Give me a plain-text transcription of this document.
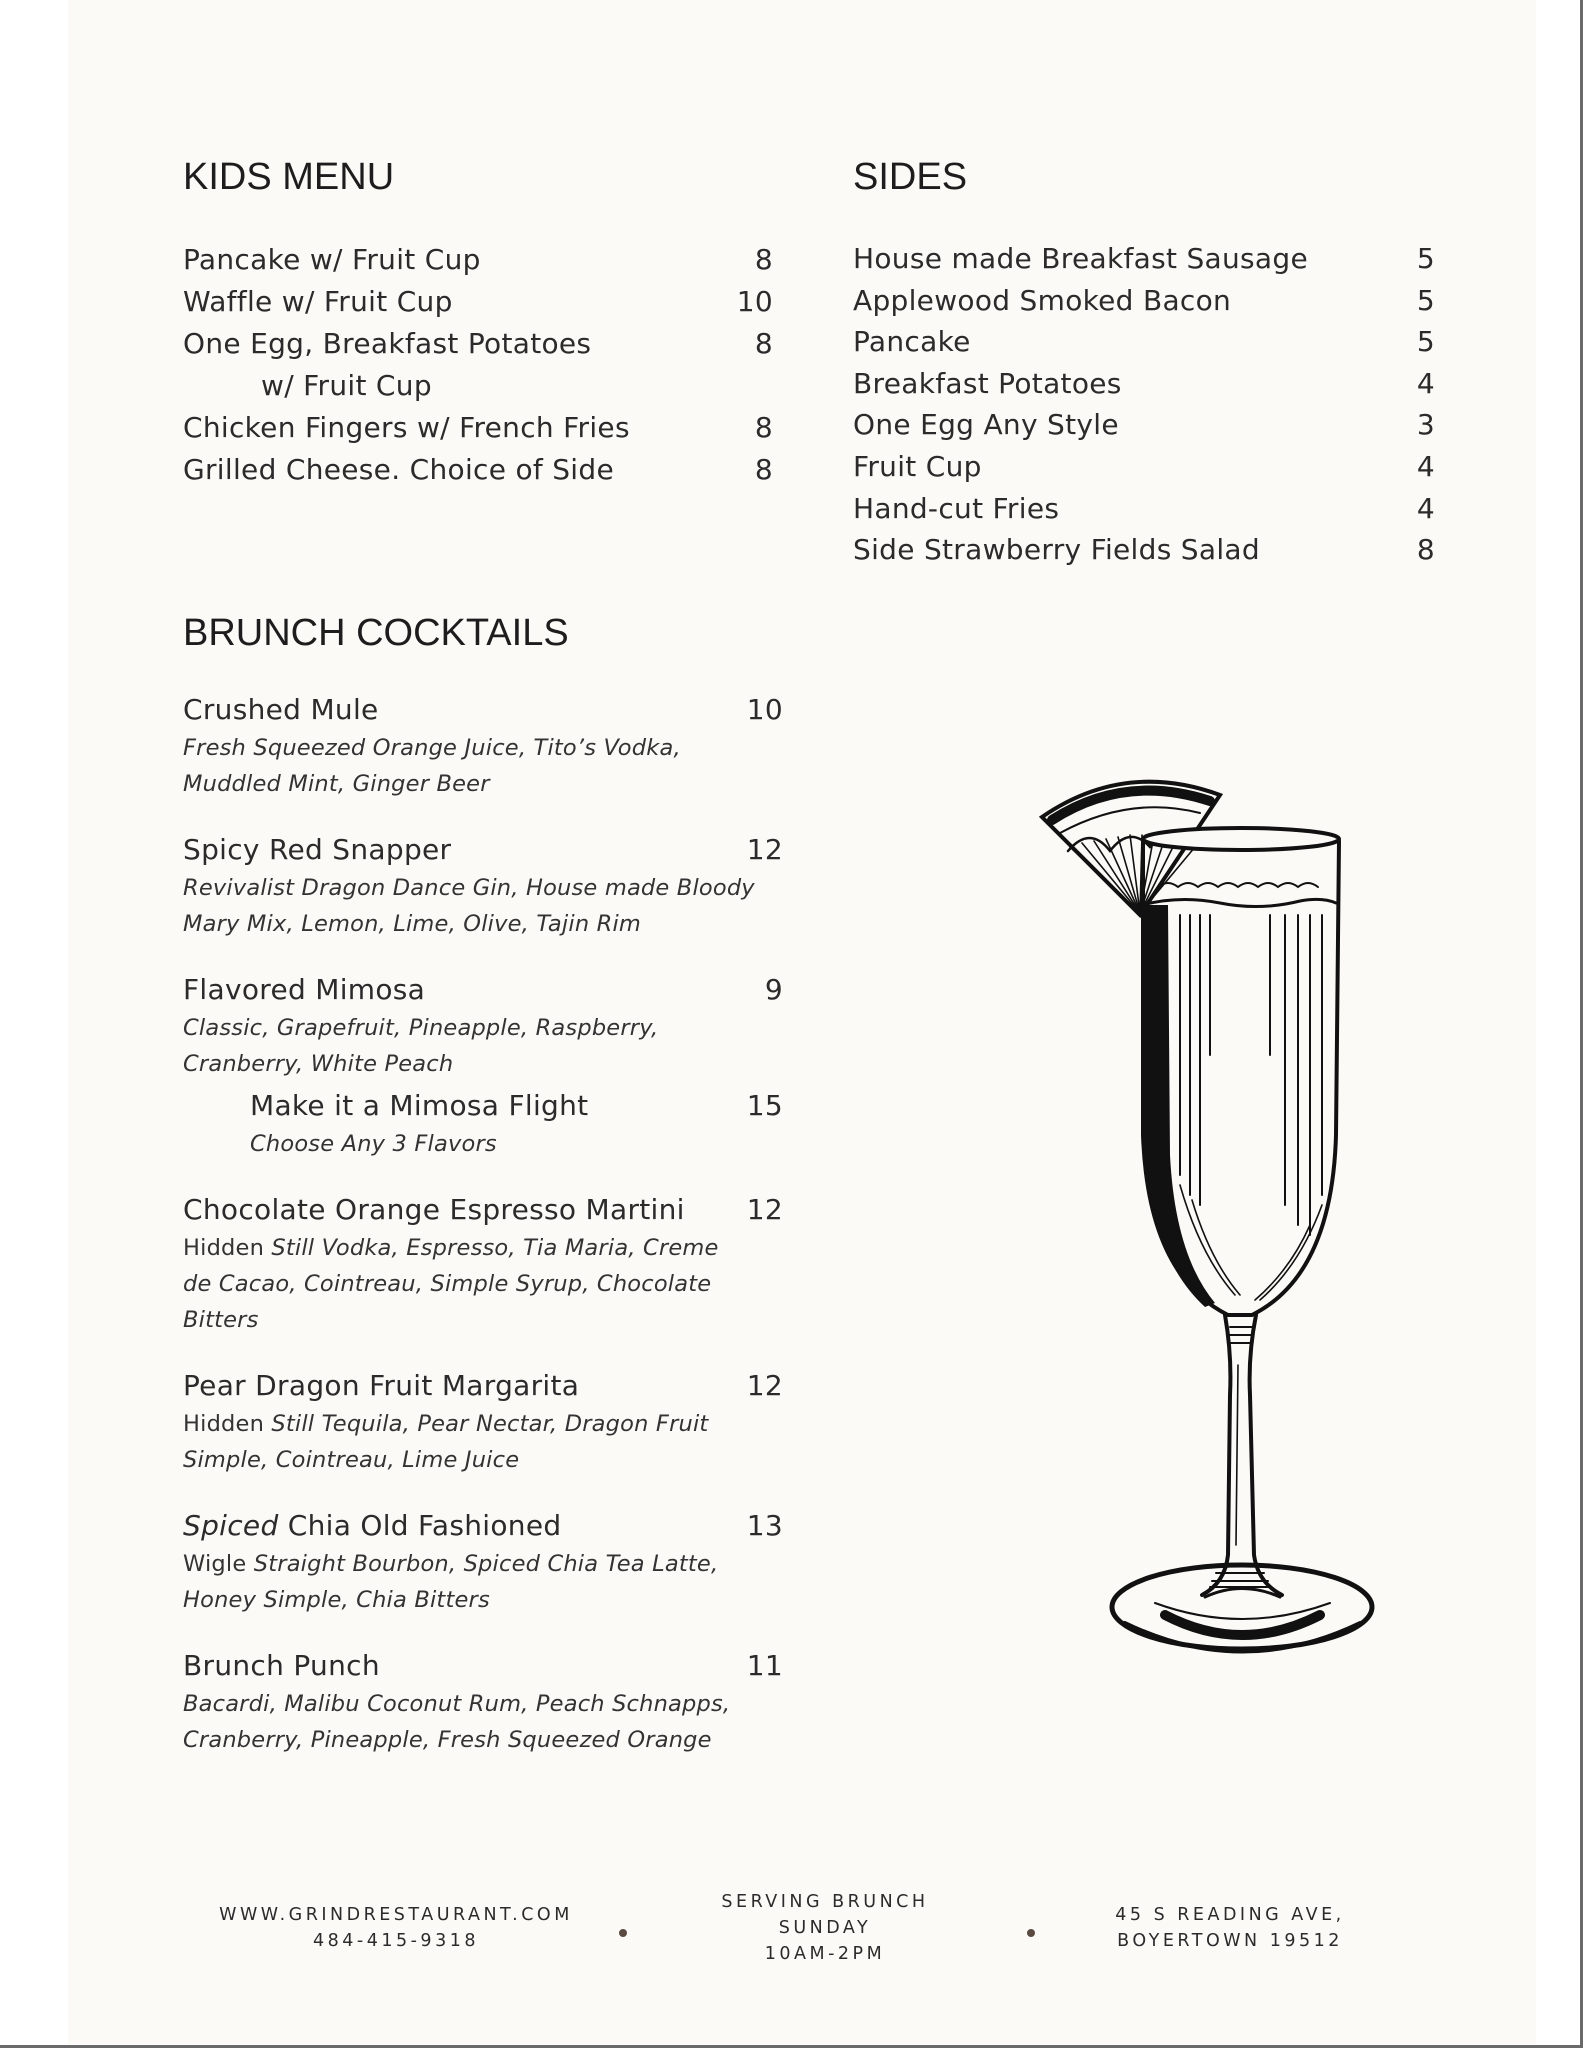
KIDS MENU
Pancake w/ Fruit Cup	8
Waffle w/ Fruit Cup	10
One Egg, Breakfast Potatoes	8
w/ Fruit Cup
Chicken Fingers w/ French Fries	8
Grilled Cheese. Choice of Side	8
SIDES
House made Breakfast Sausage	5
Applewood Smoked Bacon	5
Pancake	5
Breakfast Potatoes	4
One Egg Any Style	3
Fruit Cup	4
Hand-cut Fries	4
Side Strawberry Fields Salad	8
BRUNCH COCKTAILS
Crushed Mule	10
Fresh Squeezed Orange Juice, Tito’s Vodka,
Muddled Mint, Ginger Beer
Spicy Red Snapper	12
Revivalist Dragon Dance Gin, House made Bloody
Mary Mix, Lemon, Lime, Olive, Tajin Rim
Flavored Mimosa	9
Classic, Grapefruit, Pineapple, Raspberry,
Cranberry, White Peach
Make it a Mimosa Flight	15
Choose Any 3 Flavors
Chocolate Orange Espresso Martini 12
Hidden Still Vodka, Espresso, Tia Maria, Creme
de Cacao, Cointreau, Simple Syrup, Chocolate
Bitters
Pear Dragon Fruit Margarita	12
Hidden Still Tequila, Pear Nectar, Dragon Fruit
Simple, Cointreau, Lime Juice
Spiced Chia Old Fashioned	13
Wigle Straight Bourbon, Spiced Chia Tea Latte,
Honey Simple, Chia Bitters
Brunch Punch	11
Bacardi, Malibu Coconut Rum, Peach Schnapps,
Cranberry, Pineapple, Fresh Squeezed Orange
WWW.GRINDRESTAURANT.COM
484-415-9318
SERVING BRUNCH
SUNDAY
10AM-2PM
45 S READING AVE,
BOYERTOWN 19512
